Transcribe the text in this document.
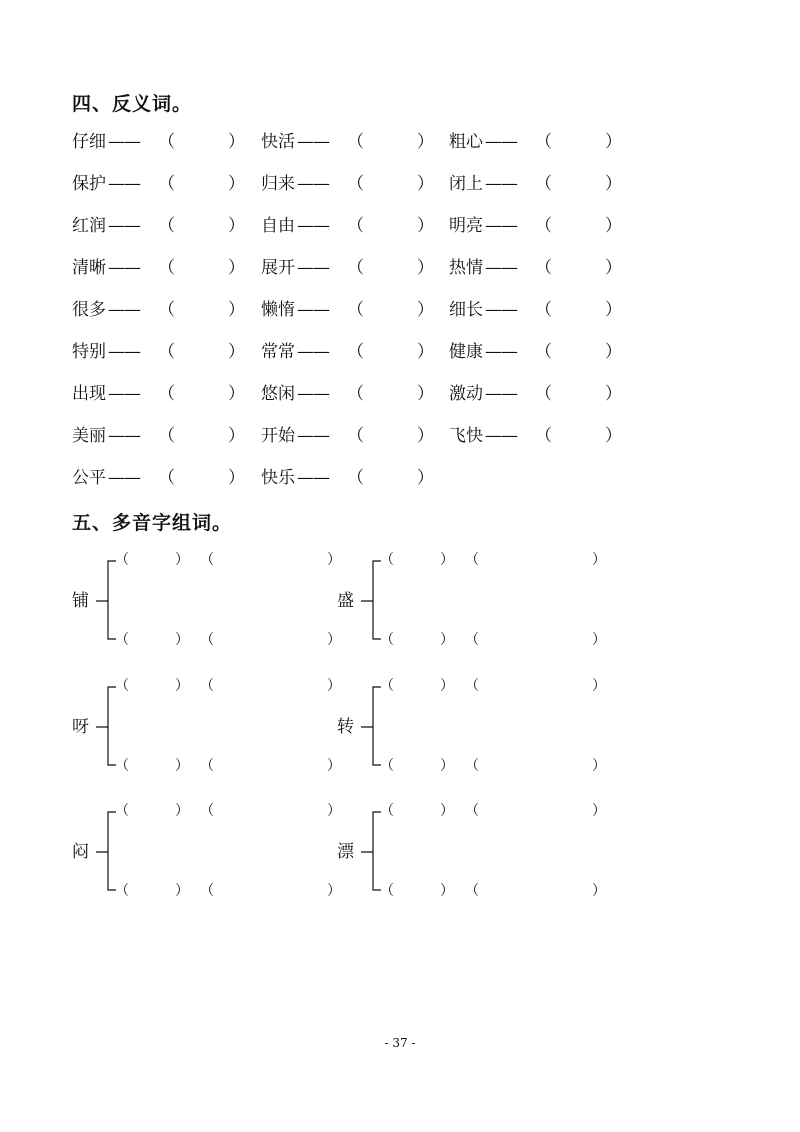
四、反义词。
仔细 —— （	） 快活 —— （	） 粗心 —— （	）
保护 —— （	） 归来 —— （	） 闭上 —— （	）
红润 —— （	） 自由 —— （	） 明亮 —— （	）
清晰 —— （	） 展开 —— （	） 热情 —— （	）
很多 —— （	） 懒惰 —— （	） 细长 —— （	）
特别 —— （	） 常常 —— （	） 健康 —— （	）
出现 —— （	） 悠闲 —— （	） 激动 —— （	）
美丽 —— （	） 开始 —— （	） 飞快 —— （	）
公平 —— （	） 快乐 —— （	）
五、多音字组词。
铺
（	） （	）
（	） （	）
盛
（	） （	）
（	） （	）
呀
（	） （	）
（	） （	）
转
（	） （	）
（	） （	）
闷
（	） （	）
（	） （	）
漂
（	） （	）
（	） （	）
- 37 -
